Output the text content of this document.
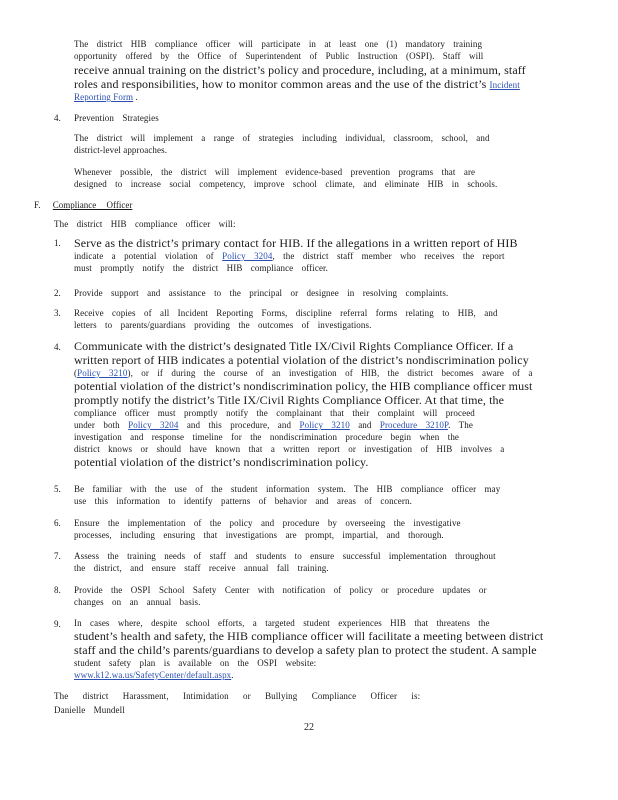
The district HIB compliance officer will participate in at least one (1) mandatory training
opportunity offered by the Office of Superintendent of Public Instruction (OSPI). Staff will
receive annual training on the district’s policy and procedure, including, at a minimum, staff
roles and responsibilities, how to monitor common areas and the use of the district’s Incident
Reporting Form .
4. Prevention Strategies
The district will implement a range of strategies including individual, classroom, school, and
district-level approaches.
Whenever possible, the district will implement evidence-based prevention programs that are
designed to increase social competency, improve school climate, and eliminate HIB in schools.
F. Compliance Officer
The district HIB compliance officer will:
1. Serve as the district’s primary contact for HIB. If the allegations in a written report of HIB
indicate a potential violation of Policy 3204, the district staff member who receives the report
must promptly notify the district HIB compliance officer.
2. Provide support and assistance to the principal or designee in resolving complaints.
3. Receive copies of all Incident Reporting Forms, discipline referral forms relating to HIB, and
letters to parents/guardians providing the outcomes of investigations.
4. Communicate with the district’s designated Title IX/Civil Rights Compliance Officer. If a
written report of HIB indicates a potential violation of the district’s nondiscrimination policy
(Policy 3210), or if during the course of an investigation of HIB, the district becomes aware of a
potential violation of the district’s nondiscrimination policy, the HIB compliance officer must
promptly notify the district’s Title IX/Civil Rights Compliance Officer. At that time, the
compliance officer must promptly notify the complainant that their complaint will proceed
under both Policy 3204 and this procedure, and Policy 3210 and Procedure 3210P. The
investigation and response timeline for the nondiscrimination procedure begin when the
district knows or should have known that a written report or investigation of HIB involves a
potential violation of the district’s nondiscrimination policy.
5. Be familiar with the use of the student information system. The HIB compliance officer may
use this information to identify patterns of behavior and areas of concern.
6. Ensure the implementation of the policy and procedure by overseeing the investigative
processes, including ensuring that investigations are prompt, impartial, and thorough.
7. Assess the training needs of staff and students to ensure successful implementation throughout
the district, and ensure staff receive annual fall training.
8. Provide the OSPI School Safety Center with notification of policy or procedure updates or
changes on an annual basis.
9. In cases where, despite school efforts, a targeted student experiences HIB that threatens the
student’s health and safety, the HIB compliance officer will facilitate a meeting between district
staff and the child’s parents/guardians to develop a safety plan to protect the student. A sample
student safety plan is available on the OSPI website:
www.k12.wa.us/SafetyCenter/default.aspx.
The district Harassment, Intimidation or Bullying Compliance Officer is:
Danielle Mundell
22
